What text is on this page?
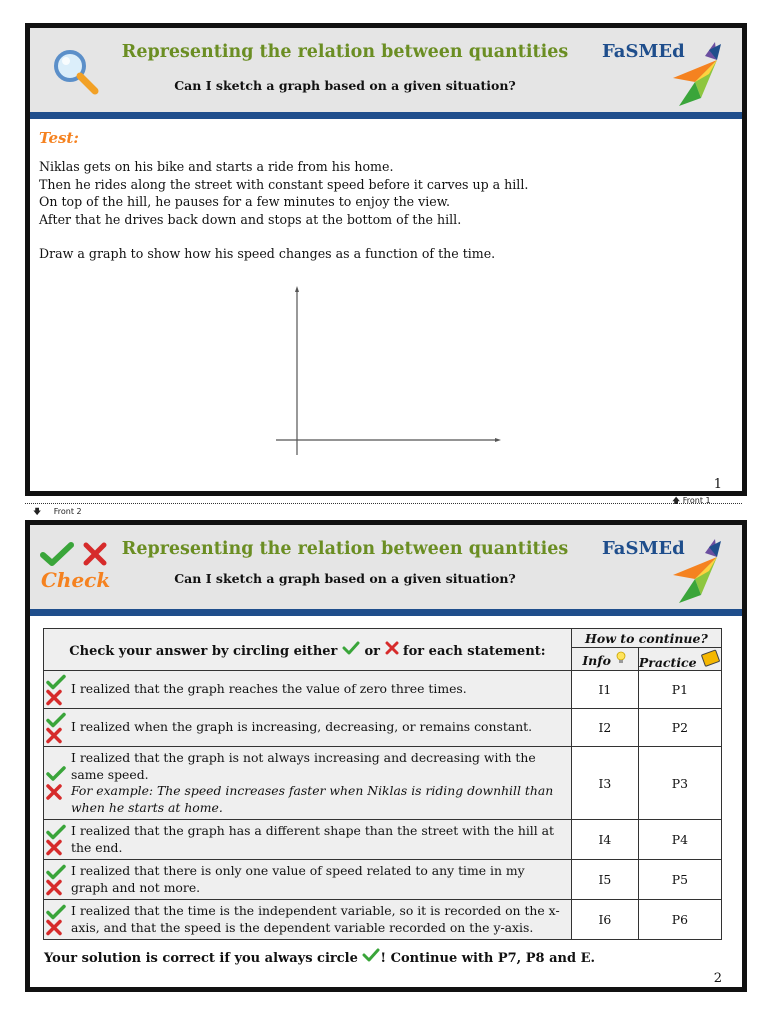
Representing the relation between quantities
Can I sketch a graph based on a given situation?
FaSMEd
Test:
Niklas gets on his bike and starts a ride from his home.
Then he rides along the street with constant speed before it carves up a hill.
On top of the hill, he pauses for a few minutes to enjoy the view.
After that he drives back down and stops at the bottom of the hill.
Draw a graph to show how his speed changes as a function of the time.
1
🡅 Front 1
🡇 Front 2
Check
Representing the relation between quantities
Can I sketch a graph based on a given situation?
FaSMEd
Check your answer by circling either or for each statement:	How to continue?	
	Info	Practice

I realized that the graph reaches the value of zero three times.	I1	P1

I realized when the graph is increasing, decreasing, or remains constant.	I2	P2

I realized that the graph is not always increasing and decreasing with the same speed.
For example: The speed increases faster when Niklas is riding downhill than when he starts at home.	I3	P3

I realized that the graph has a different shape than the street with the hill at the end.	I4	P4

I realized that there is only one value of speed related to any time in my graph and not more.	I5	P5

I realized that the time is the independent variable, so it is recorded on the x-axis, and that the speed is the dependent variable recorded on the y-axis.	I6	P6
Your solution is correct if you always circle ! Continue with P7, P8 and E.
2
